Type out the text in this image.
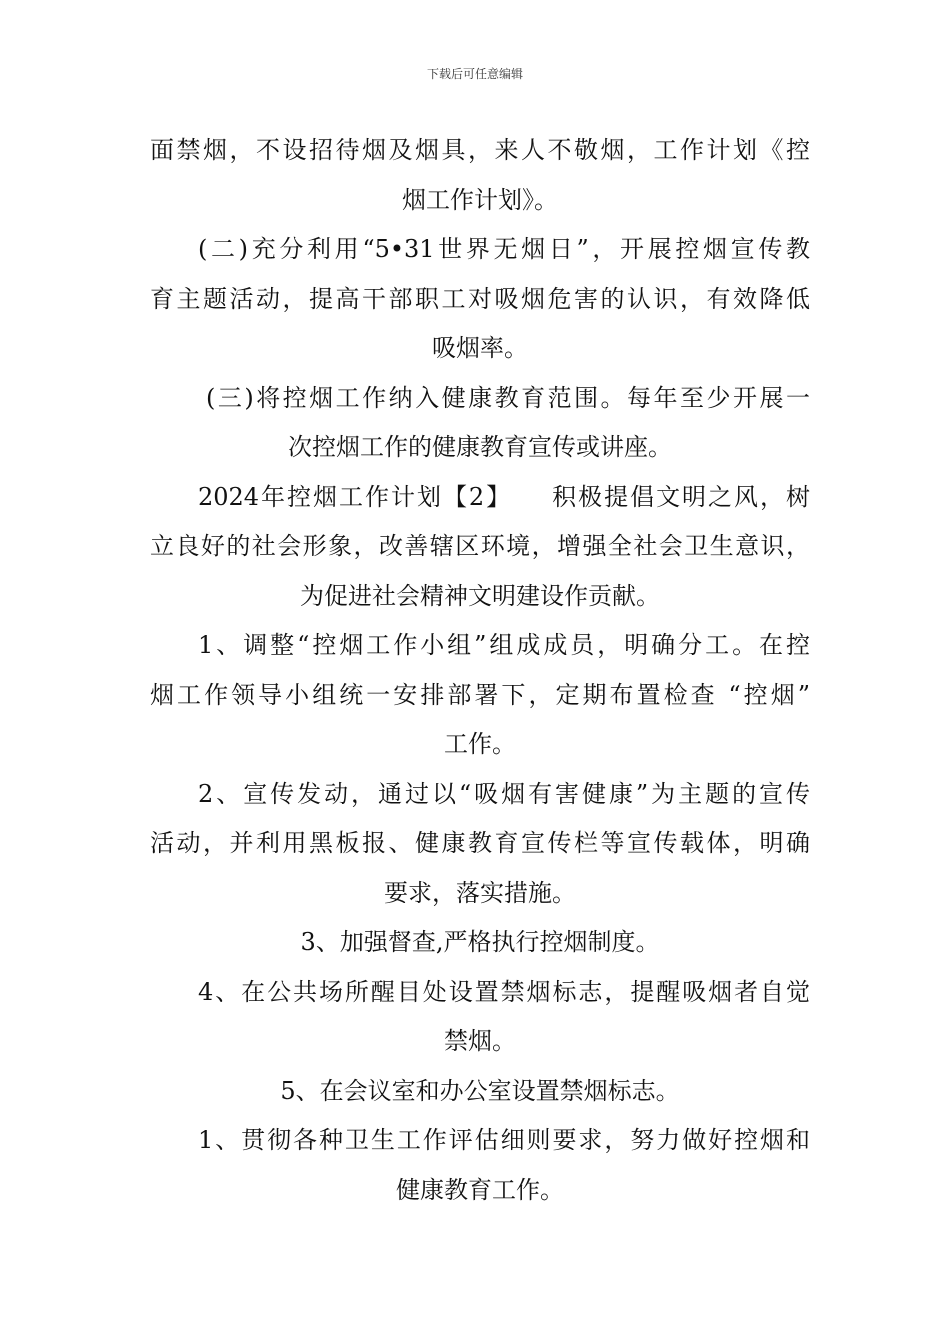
下载后可任意编辑
面禁烟，不设招待烟及烟具，来人不敬烟，工作计划《控
烟工作计划》。
(二)充分利用“5•31世界无烟日”，开展控烟宣传教
育主题活动，提高干部职工对吸烟危害的认识，有效降低
吸烟率。
(三)将控烟工作纳入健康教育范围。每年至少开展一
次控烟工作的健康教育宣传或讲座。
2024年控烟工作计划【2】　　积极提倡文明之风，树
立良好的社会形象，改善辖区环境，增强全社会卫生意识，
为促进社会精神文明建设作贡献。
1、调整“控烟工作小组”组成成员，明确分工。在控
烟工作领导小组统一安排部署下，定期布置检查 “控烟”
工作。
2、宣传发动，通过以“吸烟有害健康”为主题的宣传
活动，并利用黑板报、健康教育宣传栏等宣传载体，明确
要求，落实措施。
3、加强督查,严格执行控烟制度。
4、在公共场所醒目处设置禁烟标志，提醒吸烟者自觉
禁烟。
5、在会议室和办公室设置禁烟标志。
1、贯彻各种卫生工作评估细则要求，努力做好控烟和
健康教育工作。
